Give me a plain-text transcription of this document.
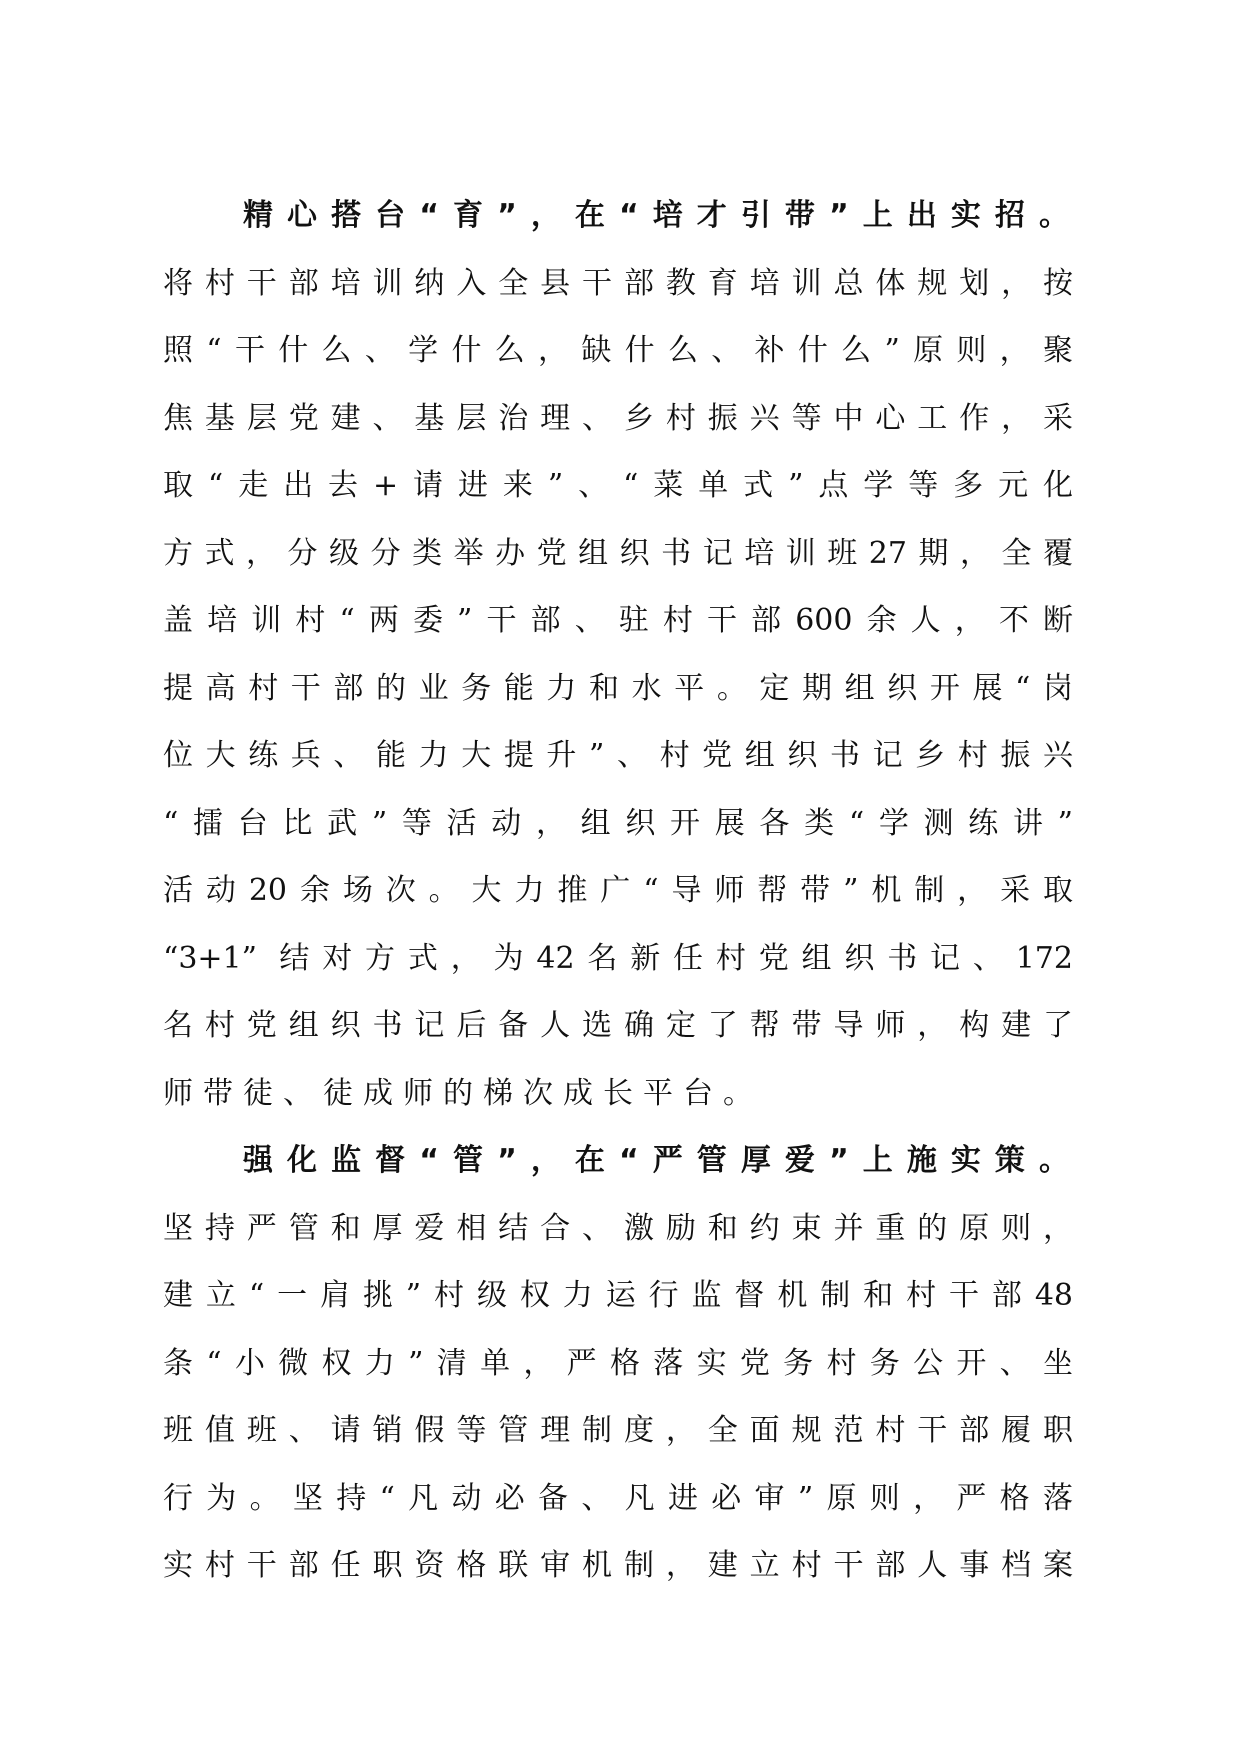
精心搭台“育”，在“培才引带”上出实招。
将村干部培训纳入全县干部教育培训总体规划，按
照“干什么、学什么，缺什么、补什么”原则，聚
焦基层党建、基层治理、乡村振兴等中心工作，采
取“走出去+请进来”、“菜单式”点学等多元化
方式，分级分类举办党组织书记培训班27期，全覆
盖培训村“两委”干部、驻村干部600余人，不断
提高村干部的业务能力和水平。定期组织开展“岗
位大练兵、能力大提升”、村党组织书记乡村振兴
“擂台比武”等活动，组织开展各类“学测练讲”
活动20余场次。大力推广“导师帮带”机制，采取
“3+1” 结对方式，为42名新任村党组织书记、172
名村党组织书记后备人选确定了帮带导师，构建了
师带徒、徒成师的梯次成长平台。
强化监督“管”，在“严管厚爱”上施实策。
坚持严管和厚爱相结合、激励和约束并重的原则，
建立“一肩挑”村级权力运行监督机制和村干部48
条“小微权力”清单，严格落实党务村务公开、坐
班值班、请销假等管理制度，全面规范村干部履职
行为。坚持“凡动必备、凡进必审”原则，严格落
实村干部任职资格联审机制，建立村干部人事档案
